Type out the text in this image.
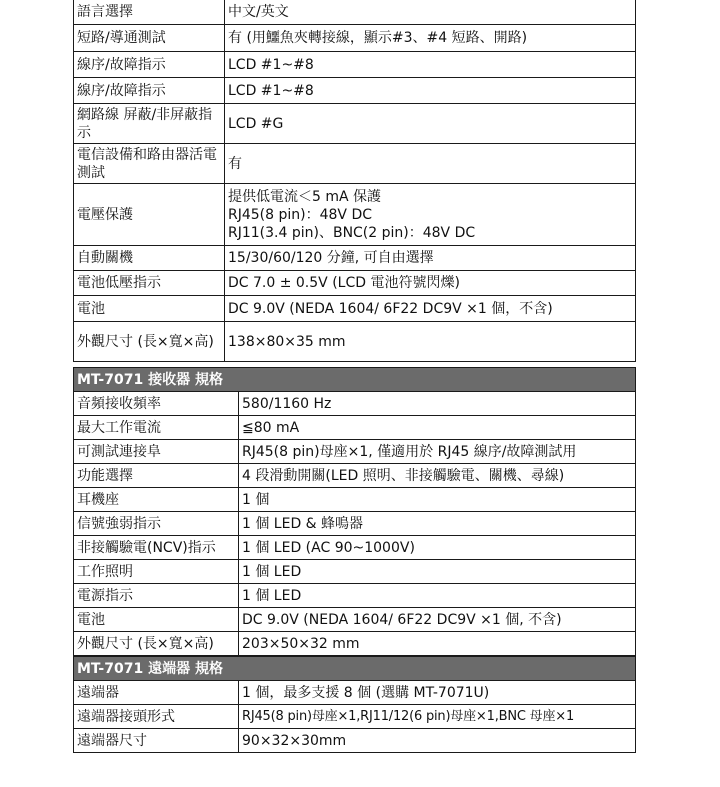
語言選擇	中文/英文
短路/導通測試	有 (用鱷魚夾轉接線，顯示#3、#4 短路、開路)
線序/故障指示	LCD #1~#8
線序/故障指示	LCD #1~#8
網路線 屏蔽/非屏蔽指示	LCD #G
電信設備和路由器活電測試	有
電壓保護	提供低電流＜5 mA 保護
RJ45(8 pin)：48V DC
RJ11(3.4 pin)、BNC(2 pin)：48V DC

自動關機	15/30/60/120 分鐘, 可自由選擇
電池低壓指示	DC 7.0 ± 0.5V (LCD 電池符號閃爍)
電池	DC 9.0V (NEDA 1604/ 6F22 DC9V ×1 個，不含)
外觀尺寸 (長×寬×高)	138×80×35 mm
MT-7071 接收器 規格	
音頻接收頻率	580/1160 Hz
最大工作電流	≦80 mA
可測試連接阜	RJ45(8 pin)母座×1, 僅適用於 RJ45 線序/故障測試用
功能選擇	4 段滑動開關(LED 照明、非接觸驗電、關機、尋線)
耳機座	1 個
信號強弱指示	1 個 LED & 蜂鳴器
非接觸驗電(NCV)指示	1 個 LED (AC 90~1000V)
工作照明	1 個 LED
電源指示	1 個 LED
電池	DC 9.0V (NEDA 1604/ 6F22 DC9V ×1 個, 不含)
外觀尺寸 (長×寬×高)	203×50×32 mm
MT-7071 遠端器 規格	
遠端器	1 個，最多支援 8 個 (選購 MT-7071U)
遠端器接頭形式	RJ45(8 pin)母座×1,RJ11/12(6 pin)母座×1,BNC 母座×1
遠端器尺寸	90×32×30mm
